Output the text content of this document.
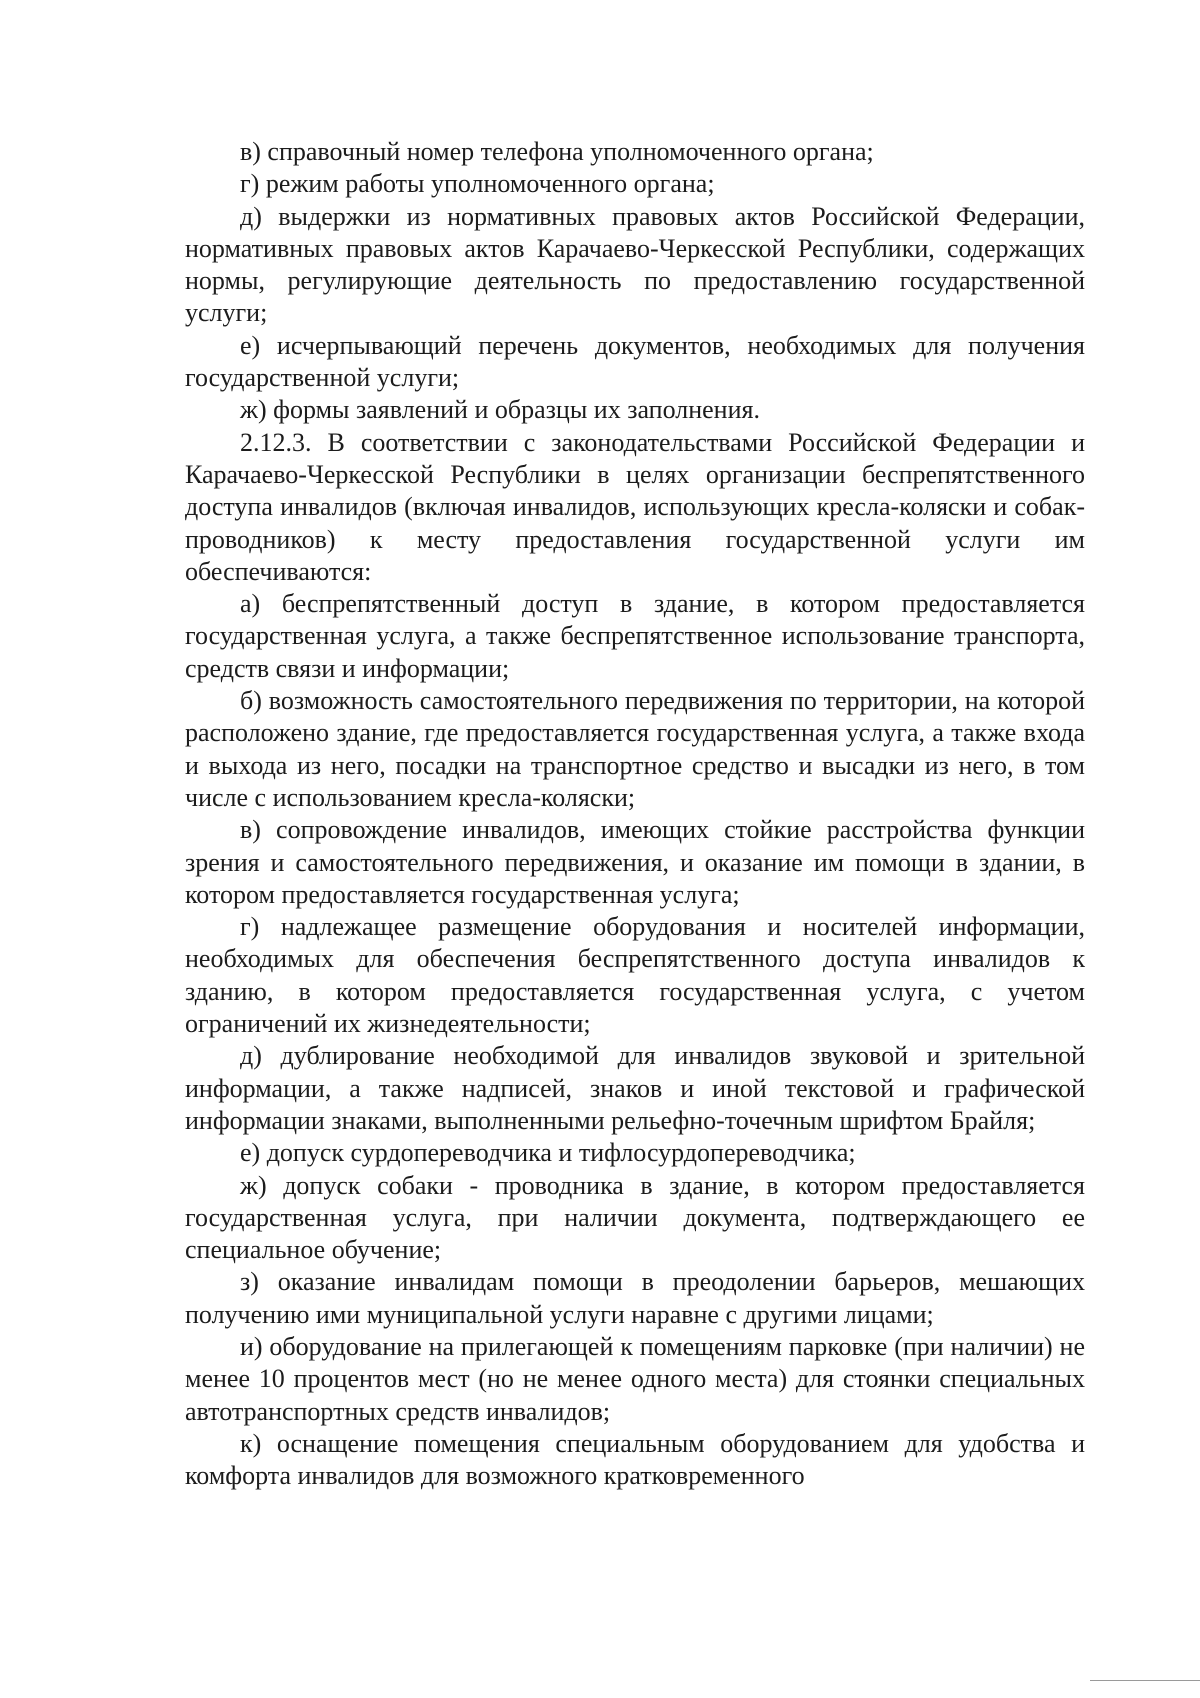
в) справочный номер телефона уполномоченного органа;

г) режим работы уполномоченного органа;

д) выдержки из нормативных правовых актов Российской Федерации, нормативных правовых актов Карачаево-Черкесской Республики, содержащих нормы, регулирующие деятельность по предоставлению государственной услуги;

е) исчерпывающий перечень документов, необходимых для получения государственной услуги;

ж) формы заявлений и образцы их заполнения.

2.12.3. В соответствии с законодательствами Российской Федерации и Карачаево-Черкесской Республики в целях организации беспрепятственного доступа инвалидов (включая инвалидов, использующих кресла-коляски и собак-проводников) к месту предоставления государственной услуги им обеспечиваются:

а) беспрепятственный доступ в здание, в котором предоставляется государственная услуга, а также беспрепятственное использование транспорта, средств связи и информации;

б) возможность самостоятельного передвижения по территории, на которой расположено здание, где предоставляется государственная услуга, а также входа и выхода из него, посадки на транспортное средство и высадки из него, в том числе с использованием кресла-коляски;

в) сопровождение инвалидов, имеющих стойкие расстройства функции зрения и самостоятельного передвижения, и оказание им помощи в здании, в котором предоставляется государственная услуга;

г) надлежащее размещение оборудования и носителей информации, необходимых для обеспечения беспрепятственного доступа инвалидов к зданию, в котором предоставляется государственная услуга, с учетом ограничений их жизнедеятельности;

д) дублирование необходимой для инвалидов звуковой и зрительной информации, а также надписей, знаков и иной текстовой и графической информации знаками, выполненными рельефно-точечным шрифтом Брайля;

е) допуск сурдопереводчика и тифлосурдопереводчика;

ж) допуск собаки - проводника в здание, в котором предоставляется государственная услуга, при наличии документа, подтверждающего ее специальное обучение;

з) оказание инвалидам помощи в преодолении барьеров, мешающих получению ими муниципальной услуги наравне с другими лицами;

и) оборудование на прилегающей к помещениям парковке (при наличии) не менее 10 процентов мест (но не менее одного места) для стоянки специальных автотранспортных средств инвалидов;

к) оснащение помещения специальным оборудованием для удобства и комфорта инвалидов для возможного кратковременного
